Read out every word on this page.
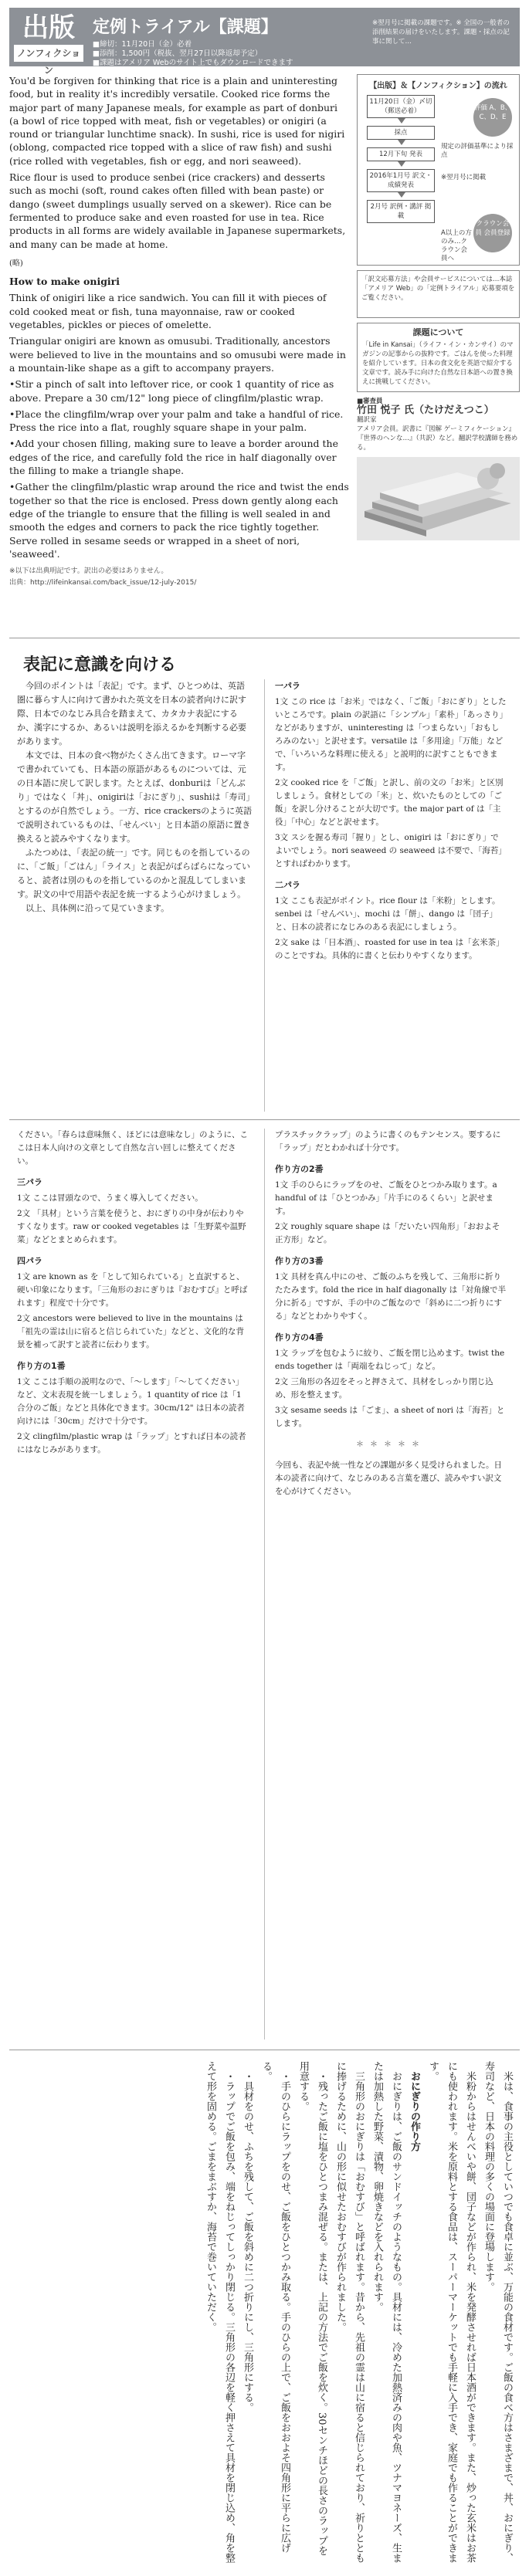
出版
ノンフィクション
定例トライアル【課題】
■締切：11月20日（金）必着
■添削：1,500円（税抜、翌月27日以降返却予定）
■課題はアメリア Webのサイト上でもダウンロードできます
http://www.amelia.no.jp/user/content/content_top.do
※翌月号に掲載の課題です。※ 全国の一般者の添削結果の届けをいたします。課題・採点の記事に関して…

You'd be forgiven for thinking that rice is a plain and uninteresting food, but in reality it's incredibly versatile. Cooked rice forms the major part of many Japanese meals, for example as part of donburi (a bowl of rice topped with meat, fish or vegetables) or onigiri (a round or triangular lunchtime snack). In sushi, rice is used for nigiri (oblong, compacted rice topped with a slice of raw fish) and sushi (rice rolled with vegetables, fish or egg, and nori seaweed).

Rice flour is used to produce senbei (rice crackers) and desserts such as mochi (soft, round cakes often filled with bean paste) or dango (sweet dumplings usually served on a skewer). Rice can be fermented to produce sake and even roasted for use in tea. Rice products in all forms are widely available in Japanese supermarkets, and many can be made at home.

(略)

How to make onigiri

Think of onigiri like a rice sandwich. You can fill it with pieces of cold cooked meat or fish, tuna mayonnaise, raw or cooked vegetables, pickles or pieces of omelette.

Triangular onigiri are known as omusubi. Traditionally, ancestors were believed to live in the mountains and so omusubi were made in a mountain-like shape as a gift to accompany prayers.

•Stir a pinch of salt into leftover rice, or cook 1 quantity of rice as above. Prepare a 30 cm/12" long piece of clingfilm/plastic wrap.

•Place the clingfilm/wrap over your palm and take a handful of rice. Press the rice into a flat, roughly square shape in your palm.

•Add your chosen filling, making sure to leave a border around the edges of the rice, and carefully fold the rice in half diagonally over the filling to make a triangle shape.

•Gather the clingfilm/plastic wrap around the rice and twist the ends together so that the rice is enclosed. Press down gently along each edge of the triangle to ensure that the filling is well sealed in and smooth the edges and corners to pack the rice tightly together. Serve rolled in sesame seeds or wrapped in a sheet of nori, 'seaweed'.

※以下は出典明記です。訳出の必要はありません。

出典：http://lifeinkansai.com/back_issue/12-july-2015/

【出版】＆【ノンフィクション】の流れ
11月20日（金）〆切（郵送必着）
採点
12月下旬 発表
2016年1月号 訳文・成績発表
2月号 訳例・講評 掲載
評価 A、B、C、D、E
規定の評価基準により採点
※翌月号に掲載
クラウン会員 会員登録
A以上の方のみ…クラウン会員へ
「訳文応募方法」や会員サービスについては…本誌「アメリア Web」の「定例トライアル」応募要項をご覧ください。
課題について
「Life in Kansai」（ライフ・イン・カンサイ）のマガジンの記事からの抜粋です。ごはんを使った料理を紹介しています。日本の食文化を英語で紹介する文章です。読み手に向けた自然な日本語への置き換えに挑戦してください。
■審査員
竹田 悦子 氏（たけだえつこ）
翻訳家
アメリア会員。訳書に『図解 ゲーミフィケーション』『世界のヘンな…』（共訳）など。翻訳学校講師を務める。
表記に意識を向ける

今回のポイントは「表記」です。まず、ひとつめは、英語圏に暮らす人に向けて書かれた英文を日本の読者向けに訳す際、日本でのなじみ具合を踏まえて、カタカナ表記にするか、漢字にするか、あるいは説明を添えるかを判断する必要があります。

本文では、日本の食べ物がたくさん出てきます。ローマ字で書かれていても、日本語の原語があるものについては、元の日本語に戻して訳します。たとえば、donburiは「どんぶり」ではなく「丼」、onigiriは「おにぎり」、sushiは「寿司」とするのが自然でしょう。一方、rice crackersのように英語で説明されているものは、「せんべい」と日本語の原語に置き換えると読みやすくなります。

ふたつめは、「表記の統一」です。同じものを指しているのに、「ご飯」「ごはん」「ライス」と表記がばらばらになっていると、読者は別のものを指しているのかと混乱してしまいます。訳文の中で用語や表記を統一するよう心がけましょう。

以上、具体例に沿って見ていきます。

一パラ

1文 この rice は「お米」ではなく、「ご飯」「おにぎり」としたいところです。plain の訳語に「シンプル」「素朴」「あっさり」などがありますが、uninteresting は「つまらない」「おもしろみのない」と訳せます。versatile は「多用途」「万能」などで、「いろいろな料理に使える」と説明的に訳すこともできます。

2文 cooked rice を「ご飯」と訳し、前の文の「お米」と区別しましょう。食材としての「米」と、炊いたものとしての「ご飯」を訳し分けることが大切です。the major part of は「主役」「中心」などと訳せます。

3文 スシを握る寿司「握り」とし、onigiri は「おにぎり」でよいでしょう。nori seaweed の seaweed は不要で、「海苔」とすればわかります。

二パラ

1文 ここも表記がポイント。rice flour は「米粉」とします。senbei は「せんべい」、mochi は「餅」、dango は「団子」と、日本の読者になじみのある表記にしましょう。

2文 sake は「日本酒」、roasted for use in tea は「玄米茶」のことですね。具体的に書くと伝わりやすくなります。

ください。「春らは意味無く、ほどには意味なし」のように、ここは日本人向けの文章として自然な言い回しに整えてください。

三パラ

1文 ここは冒頭なので、うまく導入してください。

2文 「具材」という言葉を使うと、おにぎりの中身が伝わりやすくなります。raw or cooked vegetables は「生野菜や温野菜」などとまとめられます。

四パラ

1文 are known as を「として知られている」と直訳すると、硬い印象になります。「三角形のおにぎりは『おむすび』と呼ばれます」程度で十分です。

2文 ancestors were believed to live in the mountains は「祖先の霊は山に宿ると信じられていた」などと、文化的な背景を補って訳すと読者に伝わります。

作り方の1番

1文 ここは手順の説明なので、「〜します」「〜してください」など、文末表現を統一しましょう。1 quantity of rice は「1合分のご飯」などと具体化できます。30cm/12" は日本の読者向けには「30cm」だけで十分です。

2文 clingfilm/plastic wrap は「ラップ」とすれば日本の読者にはなじみがあります。

プラスチックラップ」のように書くのもテンセンス。要するに「ラップ」だとわかれば十分です。

作り方の2番

1文 手のひらにラップをのせ、ご飯をひとつかみ取ります。a handful of は「ひとつかみ」「片手にのるくらい」と訳せます。

2文 roughly square shape は「だいたい四角形」「おおよそ正方形」など。

作り方の3番

1文 具材を真ん中にのせ、ご飯のふちを残して、三角形に折りたたみます。fold the rice in half diagonally は「対角線で半分に折る」ですが、手の中のご飯なので「斜めに二つ折りにする」などとわかりやすく。

作り方の4番

1文 ラップを包むように絞り、ご飯を閉じ込めます。twist the ends together は「両端をねじって」など。

2文 三角形の各辺をそっと押さえて、具材をしっかり閉じ込め、形を整えます。

3文 sesame seeds は「ごま」、a sheet of nori は「海苔」とします。

＊＊＊＊＊

今回も、表記や統一性などの課題が多く見受けられました。日本の読者に向けて、なじみのある言葉を選び、読みやすい訳文を心がけてください。

米は、食事の主役としていつでも食卓に並ぶ、万能の食材です。ご飯の食べ方はさまざまで、丼、おにぎり、寿司など、日本の料理の多くの場面に登場します。

米粉からはせんべいや餅、団子などが作られ、米を発酵させれば日本酒ができます。また、炒った玄米はお茶にも使われます。米を原料とする食品は、スーパーマーケットでも手軽に入手でき、家庭でも作ることができます。

おにぎりの作り方

おにぎりは、ご飯のサンドイッチのようなもの。具材には、冷めた加熱済みの肉や魚、ツナマヨネーズ、生または加熱した野菜、漬物、卵焼きなどを入れられます。

三角形のおにぎりは「おむすび」と呼ばれます。昔から、先祖の霊は山に宿ると信じられており、祈りとともに捧げるために、山の形に似せたおむすびが作られました。

・残ったご飯に塩をひとつまみ混ぜる。または、上記の方法でご飯を炊く。30センチほどの長さのラップを用意する。

・手のひらにラップをのせ、ご飯をひとつかみ取る。手のひらの上で、ご飯をおおよそ四角形に平らに広げる。

・具材をのせ、ふちを残して、ご飯を斜めに二つ折りにし、三角形にする。

・ラップでご飯を包み、端をねじってしっかり閉じる。三角形の各辺を軽く押さえて具材を閉じ込め、角を整えて形を固める。ごまをまぶすか、海苔で巻いていただく。
